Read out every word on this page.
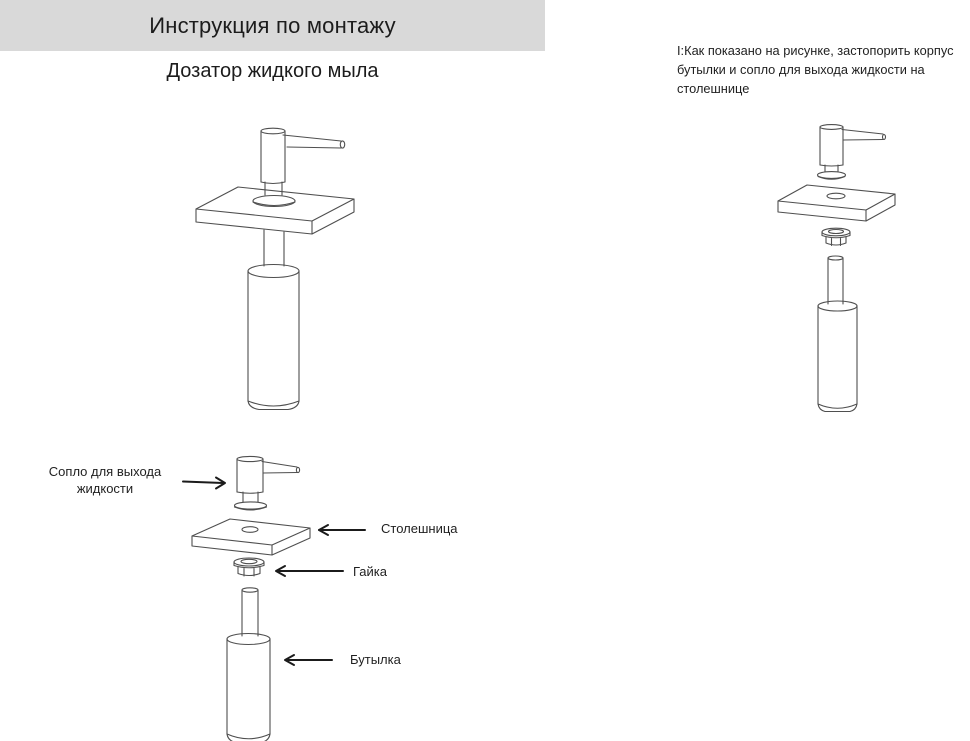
Инструкция по монтажу
Дозатор жидкого мыла

I:Как показано на рисунке, застопорить корпус бутылки и сопло для выхода жидкости на столешнице

Сопло для выхода жидкости
Столешница
Гайка
Бутылка
